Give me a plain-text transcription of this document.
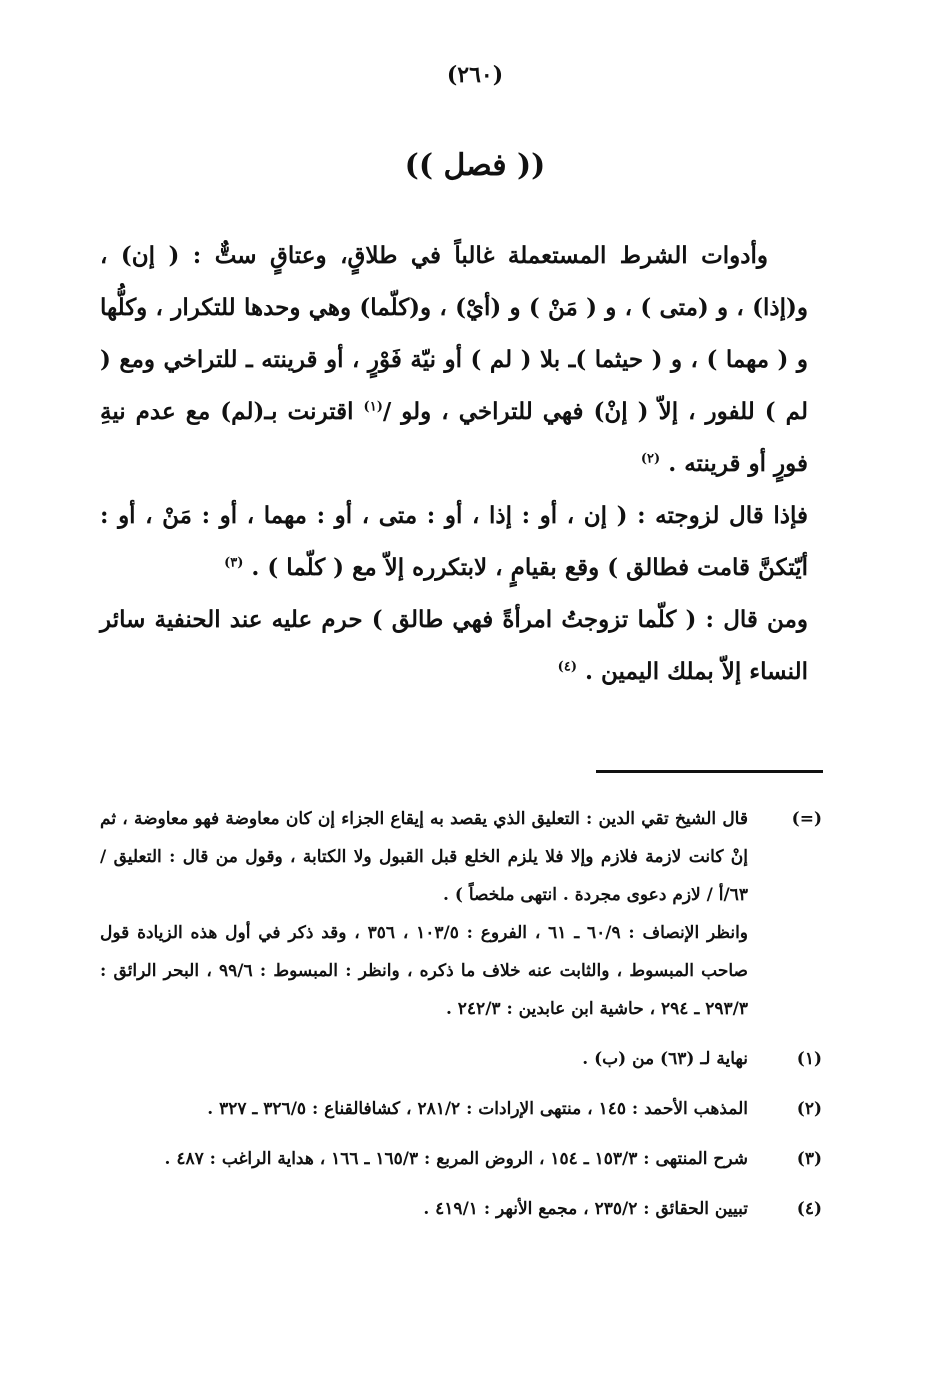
(٢٦٠)
(( فصل ))

وأدوات الشرط المستعملة غالباً في طلاقٍ، وعتاقٍ ستٌّ : ( إن) ، و(إذا) ، و (متى ) ، و ( مَنْ ) و (أيْ) ، و(كلّما) وهي وحدها للتكرار ، وكلُّها و ( مهما ) ، و ( حيثما )ـ بلا ( لم ) أو نيّة فَوْرٍ ، أو قرينته ـ للتراخي ومع ( لم ) للفور ، إلاّ ( إنْ) فهي للتراخي ، ولو /$^{(١)}$ اقترنت بـ(لم) مع عدم نيةِ فورٍ أو قرينته . $^{(٢)}$

فإذا قال لزوجته : ( إن ، أو : إذا ، أو : متى ، أو : مهما ، أو : مَنْ ، أو : أيّتكنَّ قامت فطالق ) وقع بقيامٍ ، لابتكرره إلاّ مع ( كلّما ) . $^{(٣)}$

ومن قال : ( كلّما تزوجتُ امرأةً فهي طالق ) حرم عليه عند الحنفية سائر النساء إلاّ بملك اليمين . $^{(٤)}$

(=)

قال الشيخ تقي الدين : التعليق الذي يقصد به إيقاع الجزاء إن كان معاوضة فهو معاوضة ، ثم إنْ كانت لازمة فلازم وإلا فلا يلزم الخلع قبل القبول ولا الكتابة ، وقول من قال : التعليق / ٦٣/أ / لازم دعوى مجردة . انتهى ملخصاً ) .

وانظر الإنصاف : ٦٠/٩ ـ ٦١ ، الفروع : ١٠٣/٥ ، ٣٥٦ ، وقد ذكر في أول هذه الزيادة قول صاحب المبسوط ، والثابت عنه خلاف ما ذكره ، وانظر : المبسوط : ٩٩/٦ ، البحر الرائق : ٢٩٣/٣ ـ ٢٩٤ ، حاشية ابن عابدين : ٢٤٢/٣ .

(١)

نهاية لـ (٦٣) من (ب) .

(٢)

المذهب الأحمد : ١٤٥ ، منتهى الإرادات : ٢٨١/٢ ، كشافالقناع : ٣٢٦/٥ ـ ٣٢٧ .

(٣)

شرح المنتهى : ١٥٣/٣ ـ ١٥٤ ، الروض المربع : ١٦٥/٣ ـ ١٦٦ ، هداية الراغب : ٤٨٧ .

(٤)

تبيين الحقائق : ٢٣٥/٢ ، مجمع الأنهر : ٤١٩/١ .
